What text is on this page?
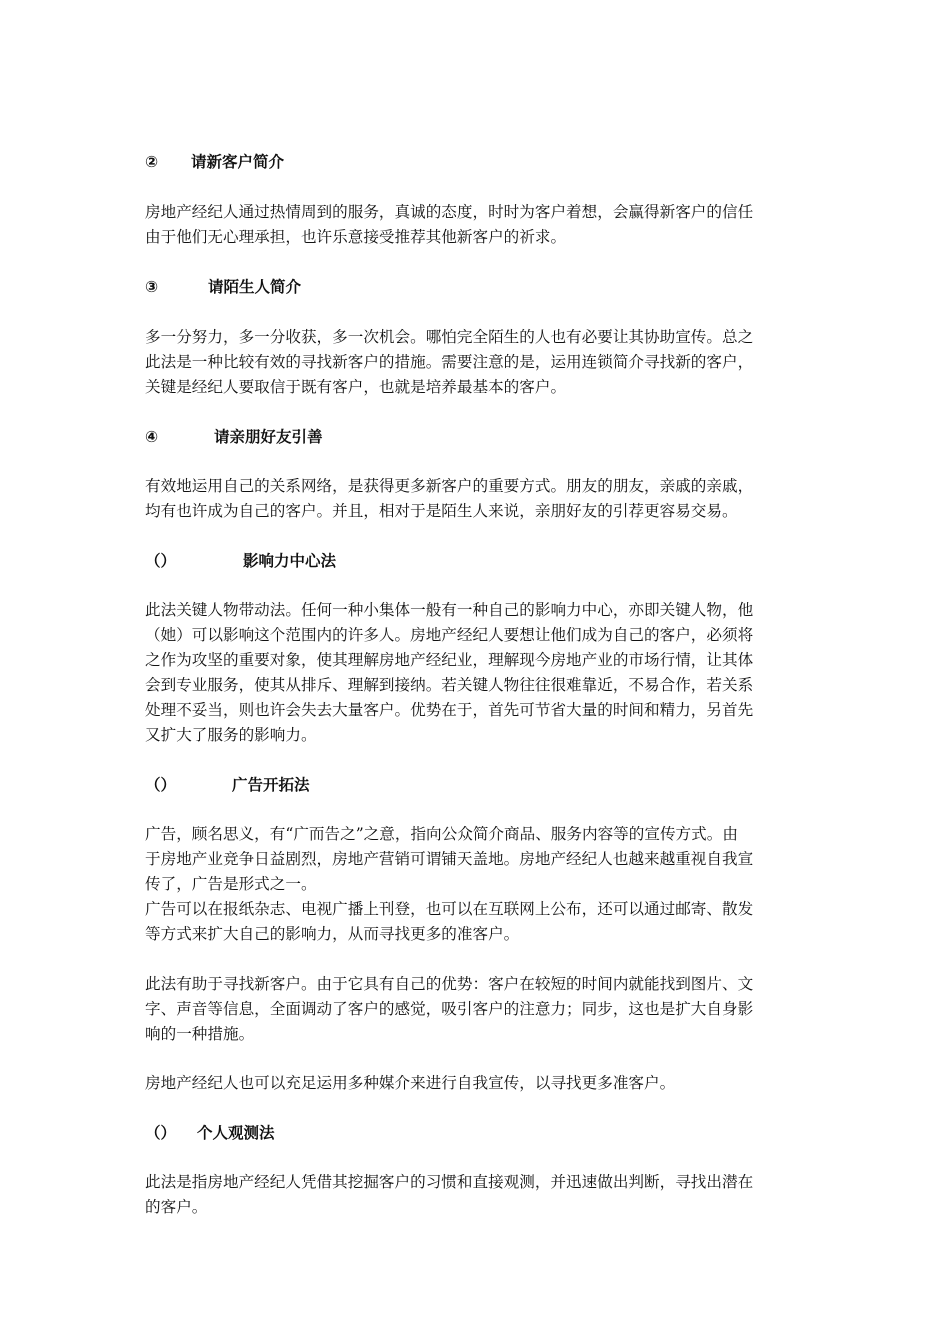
② 请新客户简介
房地产经纪人通过热情周到的服务，真诚的态度，时时为客户着想，会赢得新客户的信任
由于他们无心理承担，也许乐意接受推荐其他新客户的祈求。
③	请陌生人简介
多一分努力，多一分收获，多一次机会。哪怕完全陌生的人也有必要让其协助宣传。总之
此法是一种比较有效的寻找新客户的措施。需要注意的是，运用连锁简介寻找新的客户，
关键是经纪人要取信于既有客户，也就是培养最基本的客户。
④	请亲朋好友引善
有效地运用自己的关系网络，是获得更多新客户的重要方式。朋友的朋友，亲戚的亲戚，
均有也许成为自己的客户。并且，相对于是陌生人来说，亲朋好友的引荐更容易交易。
（）	影响力中心法
此法关键人物带动法。任何一种小集体一般有一种自己的影响力中心，亦即关键人物，他
（她）可以影响这个范围内的许多人。房地产经纪人要想让他们成为自己的客户，必须将
之作为攻坚的重要对象，使其理解房地产经纪业，理解现今房地产业的市场行情，让其体
会到专业服务，使其从排斥、理解到接纳。若关键人物往往很难靠近，不易合作，若关系
处理不妥当，则也许会失去大量客户。优势在于，首先可节省大量的时间和精力，另首先
又扩大了服务的影响力。
（）	广告开拓法
广告，顾名思义，有“广而告之”之意，指向公众简介商品、服务内容等的宣传方式。由
于房地产业竞争日益剧烈，房地产营销可谓铺天盖地。房地产经纪人也越来越重视自我宣
传了，广告是形式之一。
广告可以在报纸杂志、电视广播上刊登，也可以在互联网上公布，还可以通过邮寄、散发
等方式来扩大自己的影响力，从而寻找更多的准客户。
此法有助于寻找新客户。由于它具有自己的优势：客户在较短的时间内就能找到图片、文
字、声音等信息，全面调动了客户的感觉，吸引客户的注意力；同步，这也是扩大自身影
响的一种措施。
房地产经纪人也可以充足运用多种媒介来进行自我宣传，以寻找更多准客户。
（） 个人观测法
此法是指房地产经纪人凭借其挖掘客户的习惯和直接观测，并迅速做出判断，寻找出潜在
的客户。
